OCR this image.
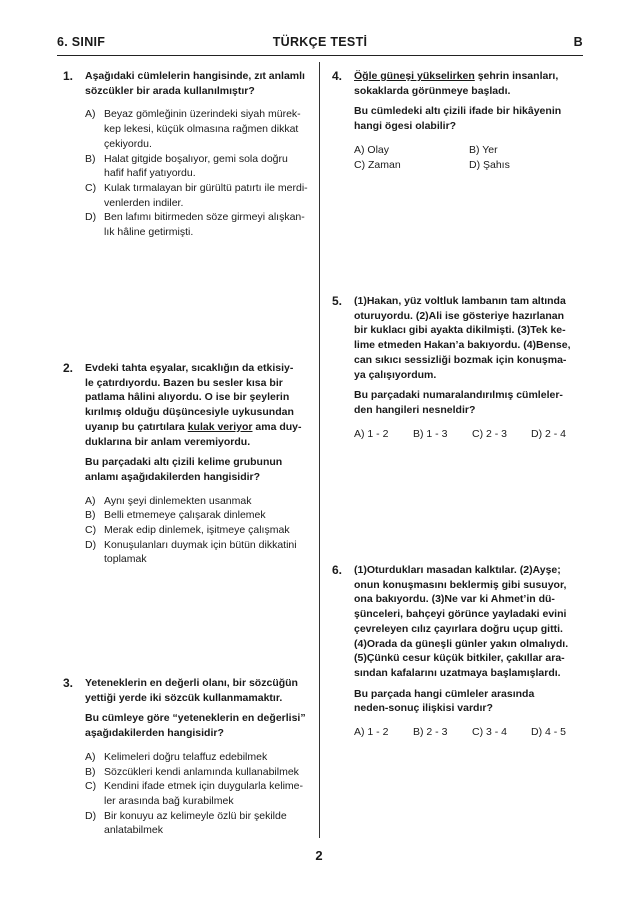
6. SINIF	TÜRKÇE TESTİ	B
1. Aşağıdaki cümlelerin hangisinde, zıt anlamlı
sözcükler bir arada kullanılmıştır?
A) Beyaz gömleğinin üzerindeki siyah mürek-
kep lekesi, küçük olmasına rağmen dikkat
çekiyordu.
B) Halat gitgide boşalıyor, gemi sola doğru
hafif hafif yatıyordu.
C) Kulak tırmalayan bir gürültü patırtı ile merdi-
venlerden indiler.
D) Ben lafımı bitirmeden söze girmeyi alışkan-
lık hâline getirmişti.
2. Evdeki tahta eşyalar, sıcaklığın da etkisiy-
le çatırdıyordu. Bazen bu sesler kısa bir
patlama hâlini alıyordu. O ise bir şeylerin
kırılmış olduğu düşüncesiyle uykusundan
uyanıp bu çatırtılara kulak veriyor ama duy-
duklarına bir anlam veremiyordu.
Bu parçadaki altı çizili kelime grubunun
anlamı aşağıdakilerden hangisidir?
A) Aynı şeyi dinlemekten usanmak
B) Belli etmemeye çalışarak dinlemek
C) Merak edip dinlemek, işitmeye çalışmak
D) Konuşulanları duymak için bütün dikkatini
toplamak
3. Yeteneklerin en değerli olanı, bir sözcüğün
yettiği yerde iki sözcük kullanmamaktır.
Bu cümleye göre “yeteneklerin en değerlisi”
aşağıdakilerden hangisidir?
A) Kelimeleri doğru telaffuz edebilmek
B) Sözcükleri kendi anlamında kullanabilmek
C) Kendini ifade etmek için duygularla kelime-
ler arasında bağ kurabilmek
D) Bir konuyu az kelimeyle özlü bir şekilde
anlatabilmek
4. Öğle güneşi yükselirken şehrin insanları,
sokaklarda görünmeye başladı.
Bu cümledeki altı çizili ifade bir hikâyenin
hangi ögesi olabilir?
A) Olay	B) Yer
C) Zaman	D) Şahıs
5. (1)Hakan, yüz voltluk lambanın tam altında
oturuyordu. (2)Ali ise gösteriye hazırlanan
bir kuklacı gibi ayakta dikilmişti. (3)Tek ke-
lime etmeden Hakan’a bakıyordu. (4)Bense,
can sıkıcı sessizliği bozmak için konuşma-
ya çalışıyordum.
Bu parçadaki numaralandırılmış cümleler-
den hangileri nesneldir?
A) 1 - 2	B) 1 - 3	C) 2 - 3	D) 2 - 4
6. (1)Oturdukları masadan kalktılar. (2)Ayşe;
onun konuşmasını beklermiş gibi susuyor,
ona bakıyordu. (3)Ne var ki Ahmet’in dü-
şünceleri, bahçeyi görünce yayladaki evini
çevreleyen cılız çayırlara doğru uçup gitti.
(4)Orada da güneşli günler yakın olmalıydı.
(5)Çünkü cesur küçük bitkiler, çakıllar ara-
sından kafalarını uzatmaya başlamışlardı.
Bu parçada hangi cümleler arasında
neden-sonuç ilişkisi vardır?
A) 1 - 2	B) 2 - 3	C) 3 - 4	D) 4 - 5
2
